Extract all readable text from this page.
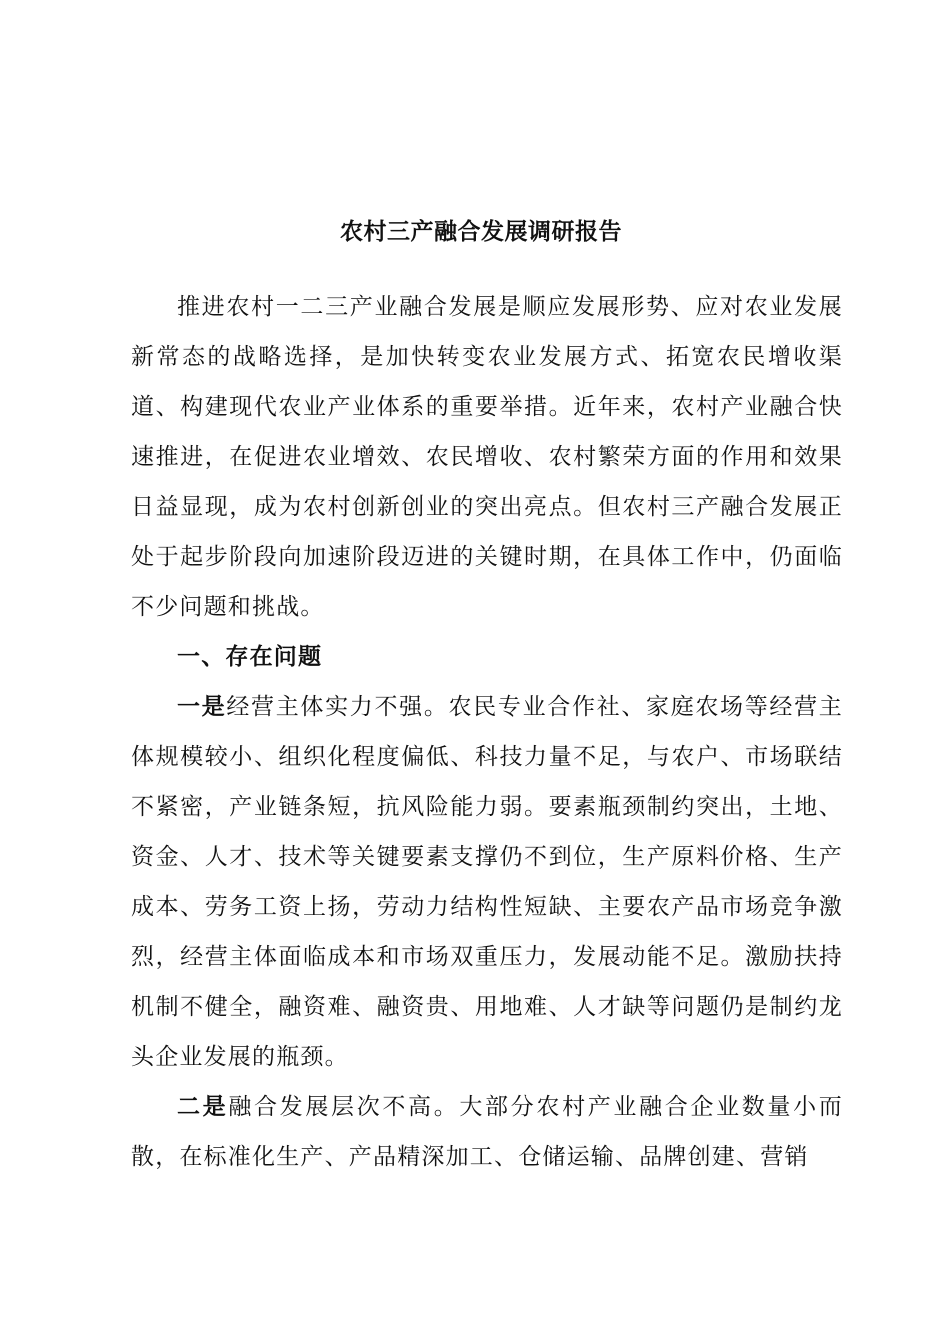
农村三产融合发展调研报告

推进农村一二三产业融合发展是顺应发展形势、应对农业发展新常态的战略选择，是加快转变农业发展方式、拓宽农民增收渠道、构建现代农业产业体系的重要举措。近年来，农村产业融合快速推进，在促进农业增效、农民增收、农村繁荣方面的作用和效果日益显现，成为农村创新创业的突出亮点。但农村三产融合发展正处于起步阶段向加速阶段迈进的关键时期，在具体工作中，仍面临不少问题和挑战。

一、存在问题

一是经营主体实力不强。农民专业合作社、家庭农场等经营主体规模较小、组织化程度偏低、科技力量不足，与农户、市场联结不紧密，产业链条短，抗风险能力弱。要素瓶颈制约突出，土地、资金、人才、技术等关键要素支撑仍不到位，生产原料价格、生产成本、劳务工资上扬，劳动力结构性短缺、主要农产品市场竞争激烈，经营主体面临成本和市场双重压力，发展动能不足。激励扶持机制不健全，融资难、融资贵、用地难、人才缺等问题仍是制约龙头企业发展的瓶颈。

二是融合发展层次不高。大部分农村产业融合企业数量小而散，在标准化生产、产品精深加工、仓储运输、品牌创建、营销
